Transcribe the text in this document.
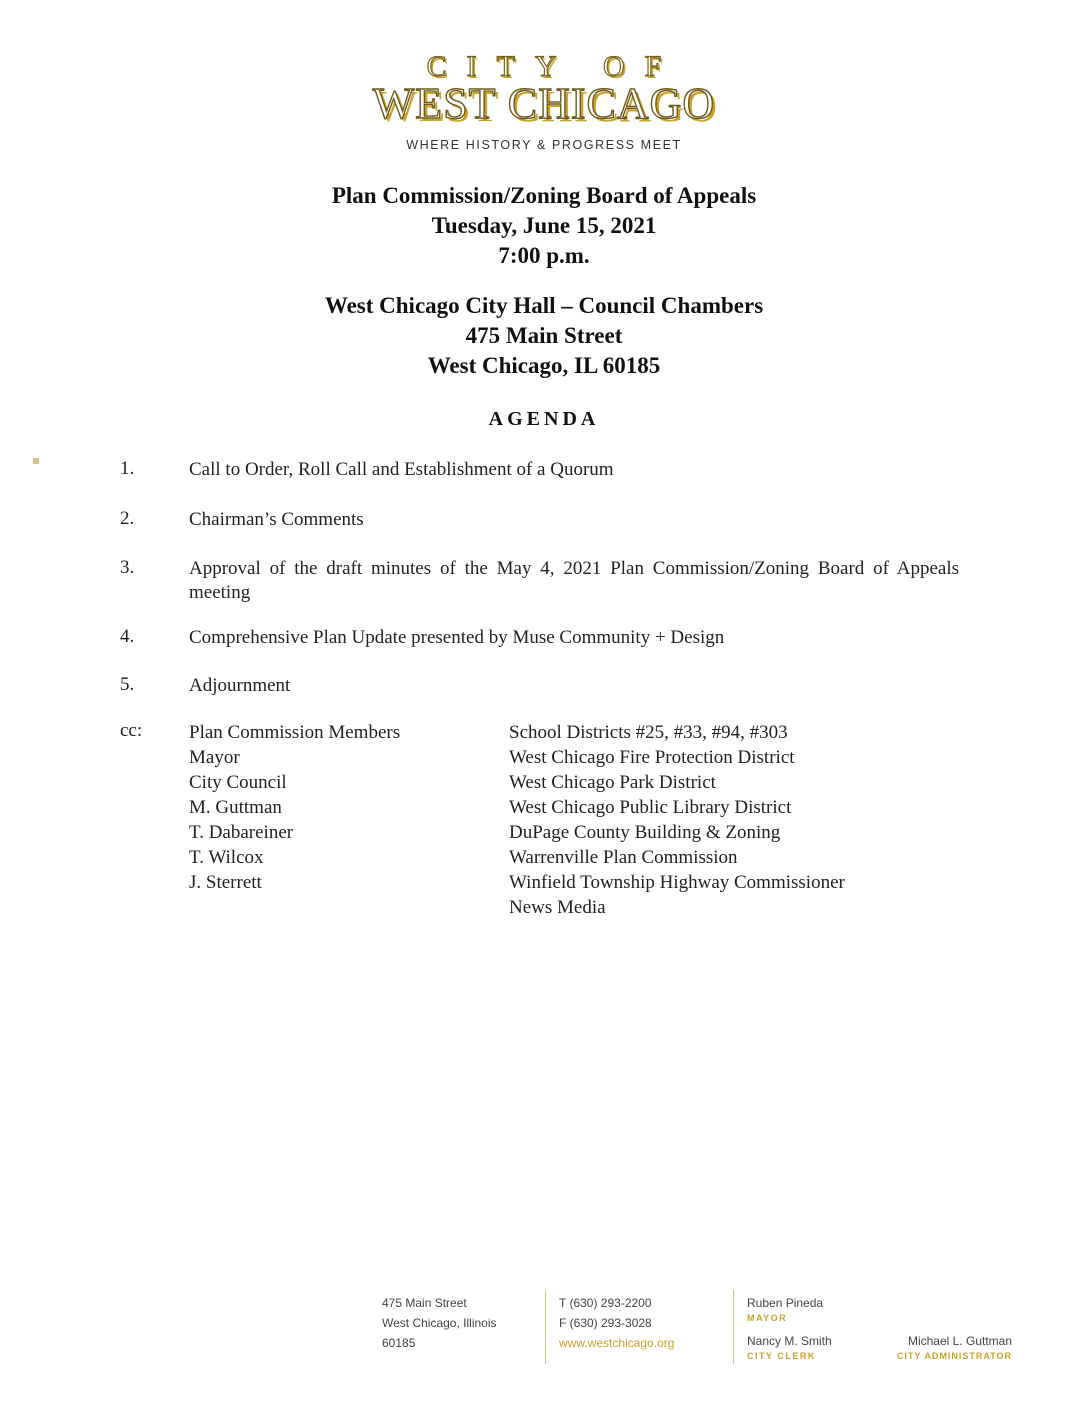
CITY OF
WEST CHICAGO
WHERE HISTORY & PROGRESS MEET
Plan Commission/Zoning Board of Appeals
Tuesday, June 15, 2021
7:00 p.m.
West Chicago City Hall – Council Chambers
475 Main Street
West Chicago, IL 60185
AGENDA
1.	Call to Order, Roll Call and Establishment of a Quorum
2.	Chairman’s Comments
3.	Approval of the draft minutes of the May 4, 2021 Plan Commission/Zoning Board of Appeals meeting
4.	Comprehensive Plan Update presented by Muse Community + Design
5.	Adjournment
cc: Plan Commission Members
Mayor
City Council
M. Guttman
T. Dabareiner
T. Wilcox
J. Sterrett
School Districts #25, #33, #94, #303
West Chicago Fire Protection District
West Chicago Park District
West Chicago Public Library District
DuPage County Building & Zoning
Warrenville Plan Commission
Winfield Township Highway Commissioner
News Media
475 Main Street
West Chicago, Illinois
60185
T (630) 293-2200
F (630) 293-3028
www.westchicago.org
Ruben Pineda
MAYOR
Nancy M. Smith
CITY CLERK
Michael L. Guttman
CITY ADMINISTRATOR
